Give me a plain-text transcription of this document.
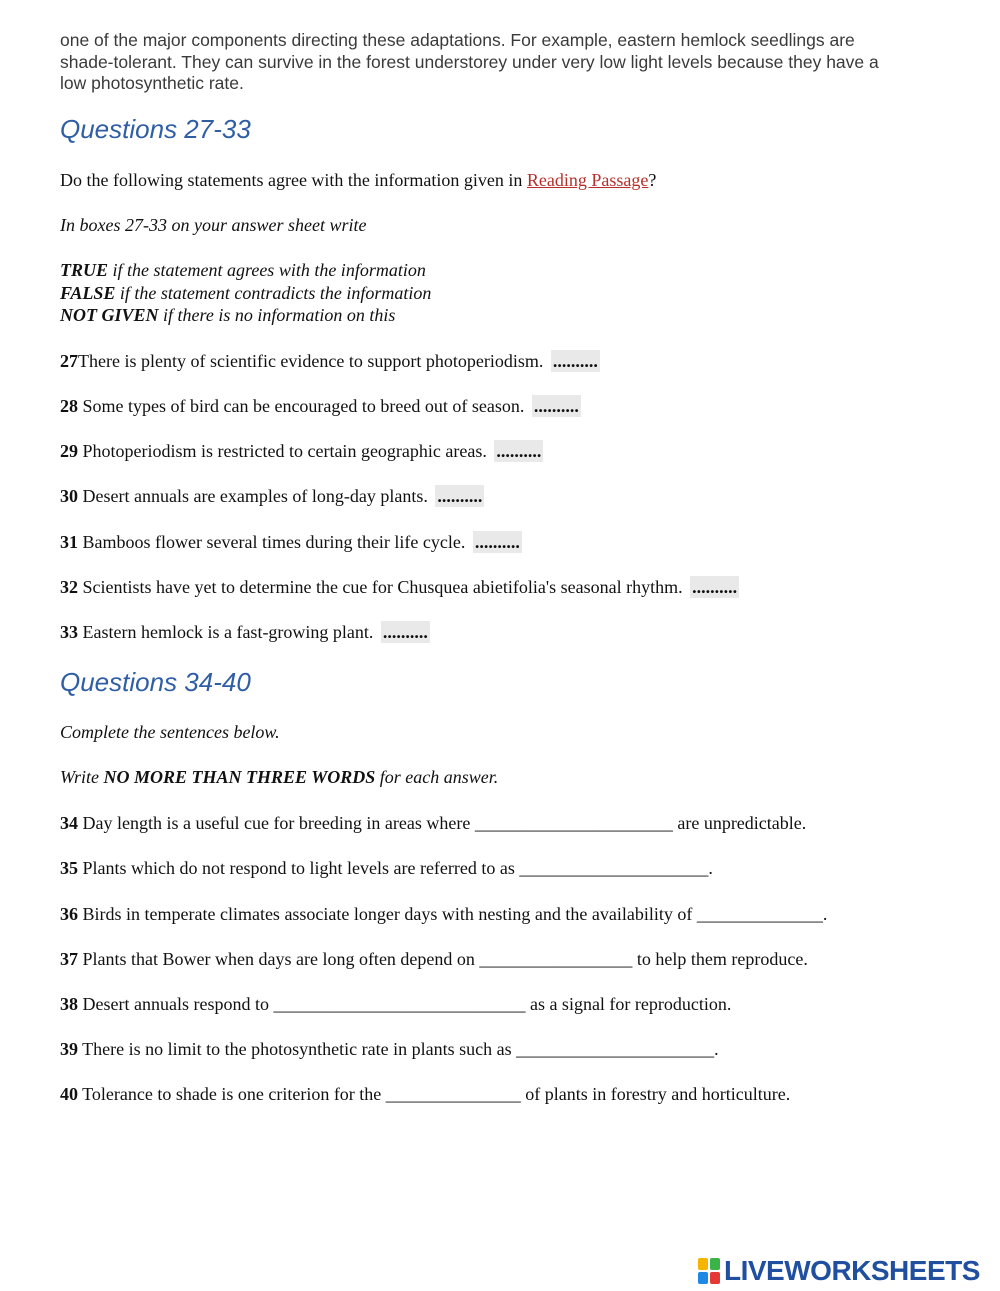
one of the major components directing these adaptations. For example, eastern hemlock seedlings are
shade-tolerant. They can survive in the forest understorey under very low light levels because they have a
low photosynthetic rate.

Questions 27-33

Do the following statements agree with the information given in Reading Passage?

In boxes 27-33 on your answer sheet write

TRUE if the statement agrees with the information

FALSE if the statement contradicts the information

NOT GIVEN if there is no information on this

27There is plenty of scientific evidence to support photoperiodism. ..........

28 Some types of bird can be encouraged to breed out of season. ..........

29 Photoperiodism is restricted to certain geographic areas. ..........

30 Desert annuals are examples of long-day plants. ..........

31 Bamboos flower several times during their life cycle. ..........

32 Scientists have yet to determine the cue for Chusquea abietifolia's seasonal rhythm. ..........

33 Eastern hemlock is a fast-growing plant. ..........

Questions 34-40

Complete the sentences below.

Write NO MORE THAN THREE WORDS for each answer.

34 Day length is a useful cue for breeding in areas where ______________________ are unpredictable.

35 Plants which do not respond to light levels are referred to as _____________________.

36 Birds in temperate climates associate longer days with nesting and the availability of ______________.

37 Plants that Bower when days are long often depend on _________________ to help them reproduce.

38 Desert annuals respond to ____________________________ as a signal for reproduction.

39 There is no limit to the photosynthetic rate in plants such as ______________________.

40 Tolerance to shade is one criterion for the _______________ of plants in forestry and horticulture.

LIVEWORKSHEETS
